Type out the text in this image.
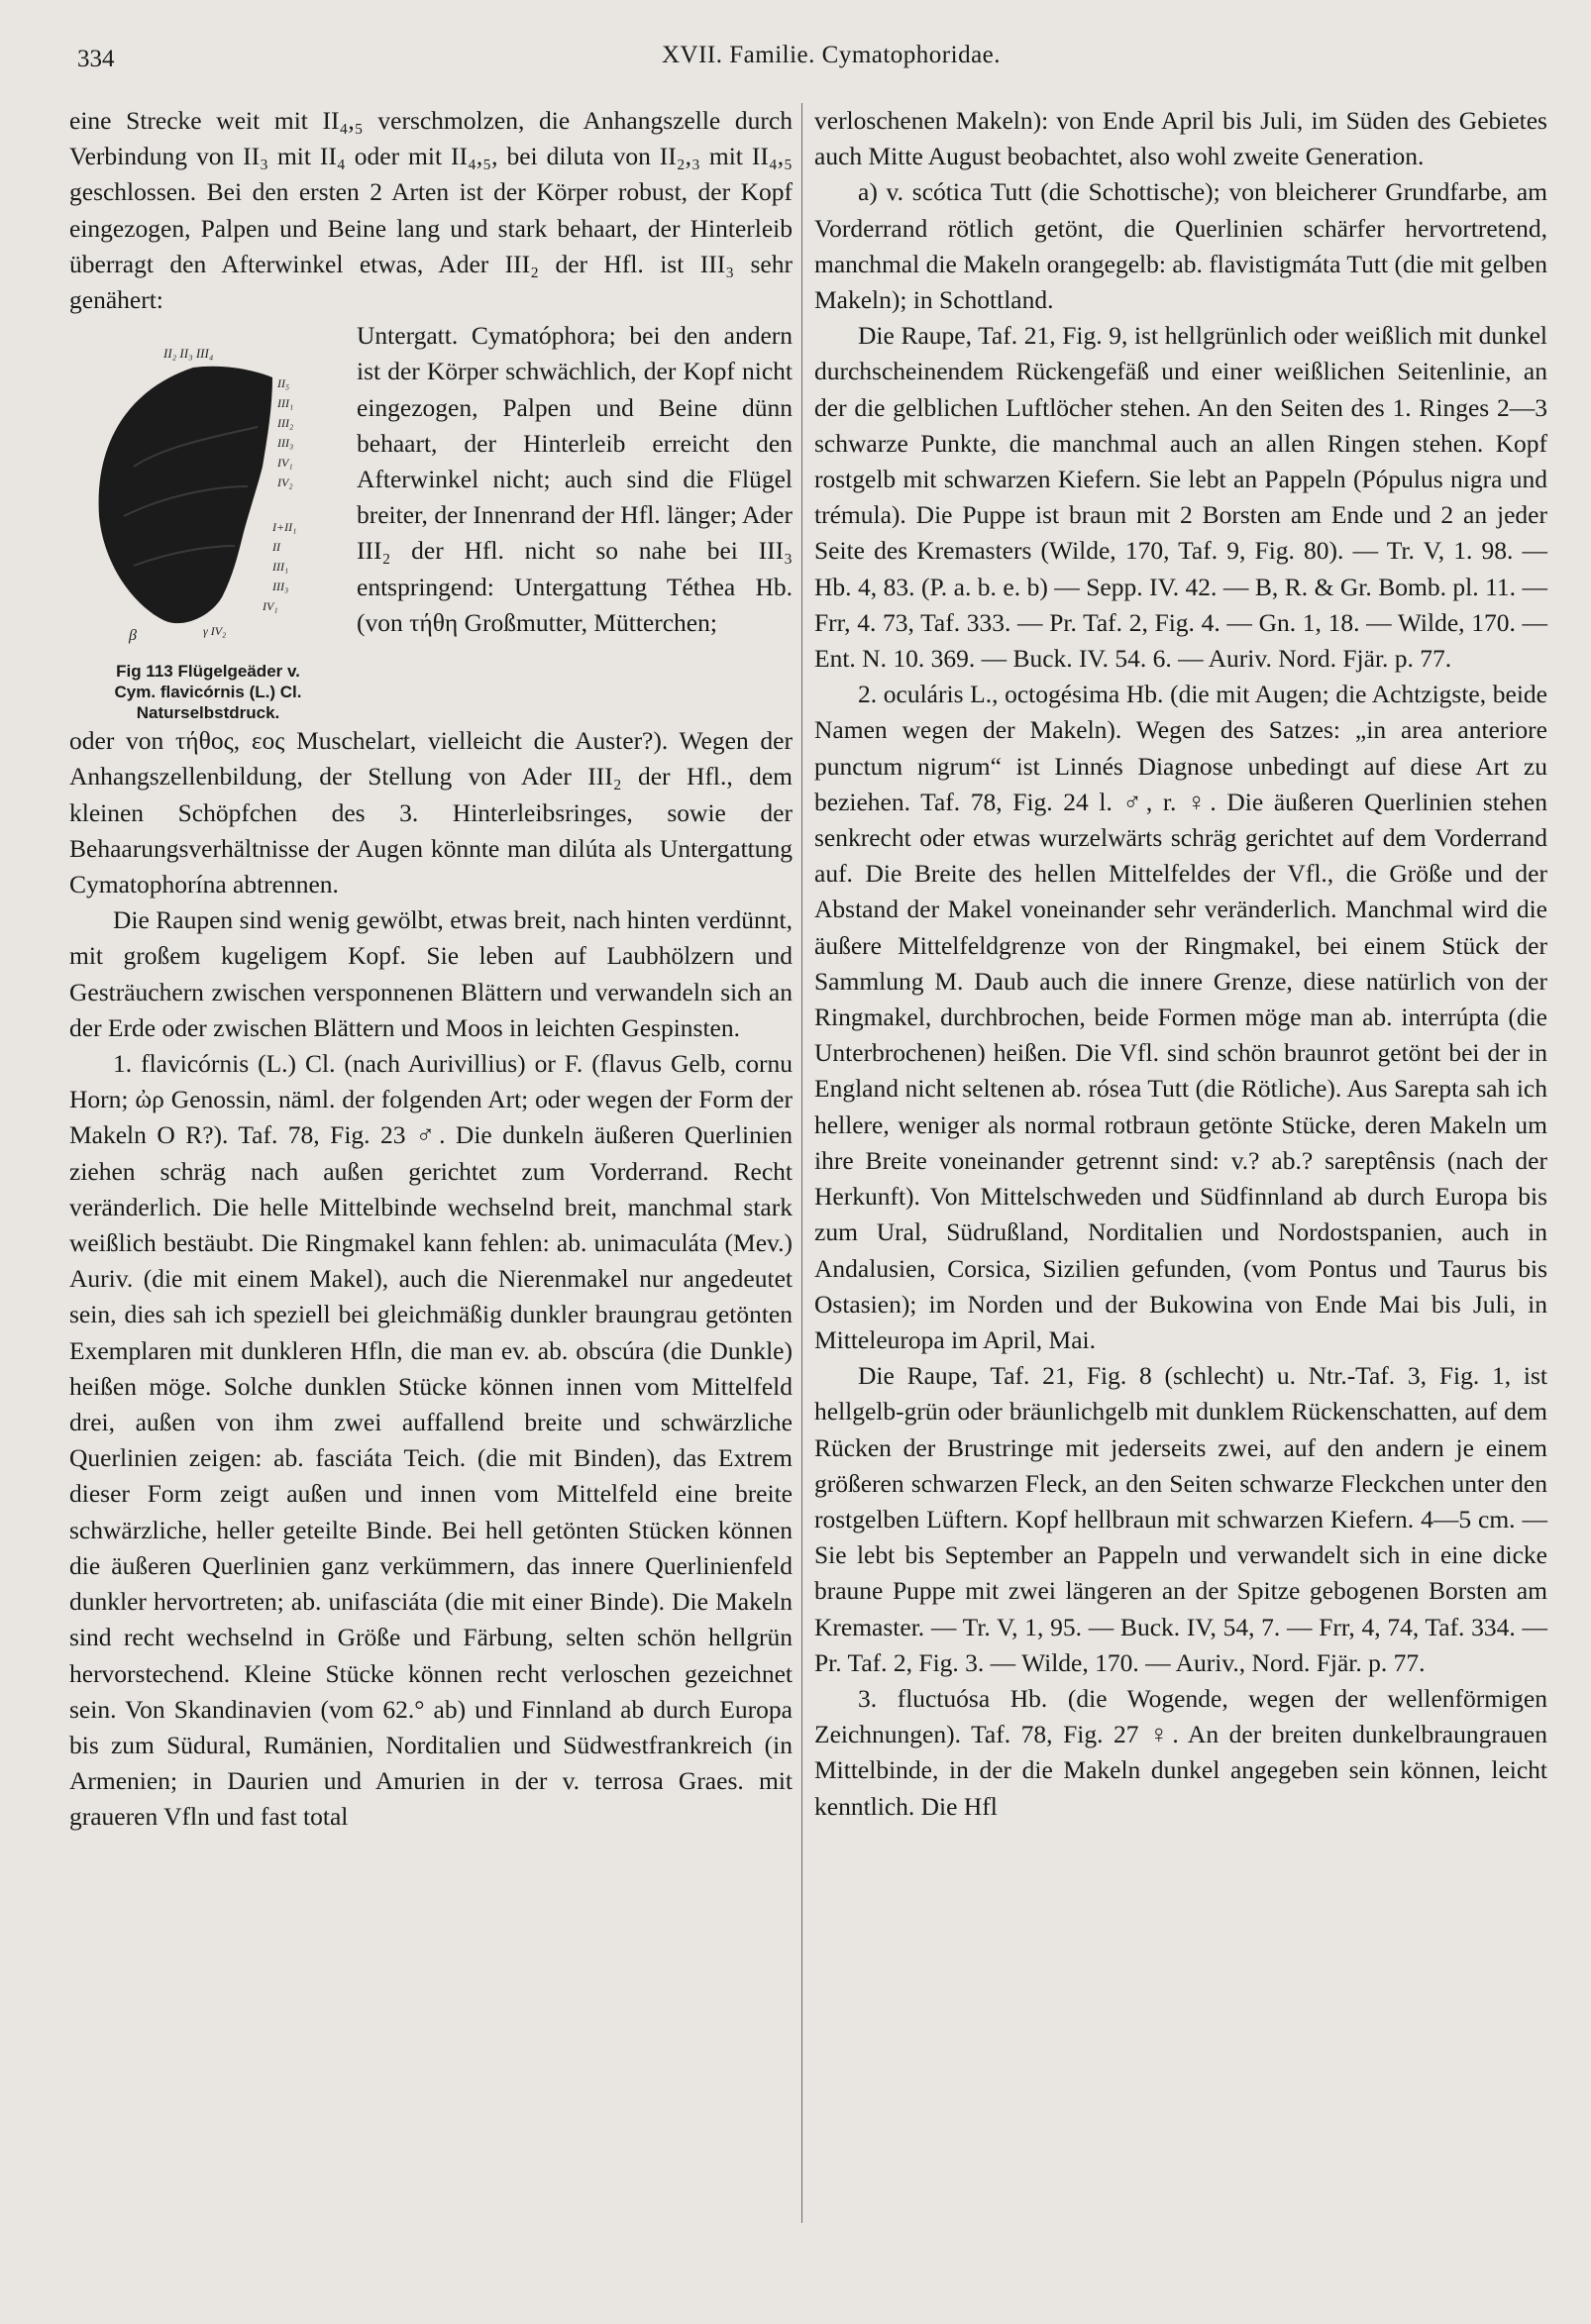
334	XVII. Familie. Cymatophoridae.

eine Strecke weit mit II₄,₅ verschmolzen, die Anhangszelle durch Verbindung von II₃ mit II₄ oder mit II₄,₅, bei diluta von II₂,₃ mit II₄,₅ geschlossen. Bei den ersten 2 Arten ist der Körper robust, der Kopf eingezogen, Palpen und Beine lang und stark behaart, der Hinterleib überragt den Afterwinkel etwas, Ader III₂ der Hfl. ist III₃ sehr genähert:

II₂ II₃ III₄
II₅
III₁
III₂
III₃
IV₁
IV₂
I+II₁
II
III₁
III₃
IV₁
β	γ IV₂
Fig 113 Flügelgeäder v.
Cym. flavicórnis (L.) Cl.
Naturselbstdruck.

Untergatt. Cymatóphora; bei den andern ist der Körper schwächlich, der Kopf nicht eingezogen, Palpen und Beine dünn behaart, der Hinterleib erreicht den Afterwinkel nicht; auch sind die Flügel breiter, der Innenrand der Hfl. länger; Ader III₂ der Hfl. nicht so nahe bei III₃ entspringend: Untergattung Téthea Hb. (von τήθη Großmutter, Mütterchen;

oder von τήθος, εος Muschelart, vielleicht die Auster?). Wegen der Anhangszellenbildung, der Stellung von Ader III₂ der Hfl., dem kleinen Schöpfchen des 3. Hinterleibsringes, sowie der Behaarungsverhältnisse der Augen könnte man dilúta als Untergattung Cymatophorína abtrennen.

Die Raupen sind wenig gewölbt, etwas breit, nach hinten verdünnt, mit großem kugeligem Kopf. Sie leben auf Laubhölzern und Gesträuchern zwischen versponnenen Blättern und verwandeln sich an der Erde oder zwischen Blättern und Moos in leichten Gespinsten.

1. flavicórnis (L.) Cl. (nach Aurivillius) or F. (flavus Gelb, cornu Horn; ὠρ Genossin, näml. der folgenden Art; oder wegen der Form der Makeln O R?). Taf. 78, Fig. 23 ♂. Die dunkeln äußeren Querlinien ziehen schräg nach außen gerichtet zum Vorderrand. Recht veränderlich. Die helle Mittelbinde wechselnd breit, manchmal stark weißlich bestäubt. Die Ringmakel kann fehlen: ab. unimaculáta (Mev.) Auriv. (die mit einem Makel), auch die Nierenmakel nur angedeutet sein, dies sah ich speziell bei gleichmäßig dunkler braungrau getönten Exemplaren mit dunkleren Hfln, die man ev. ab. obscúra (die Dunkle) heißen möge. Solche dunklen Stücke können innen vom Mittelfeld drei, außen von ihm zwei auffallend breite und schwärzliche Querlinien zeigen: ab. fasciáta Teich. (die mit Binden), das Extrem dieser Form zeigt außen und innen vom Mittelfeld eine breite schwärzliche, heller geteilte Binde. Bei hell getönten Stücken können die äußeren Querlinien ganz verkümmern, das innere Querlinienfeld dunkler hervortreten; ab. unifasciáta (die mit einer Binde). Die Makeln sind recht wechselnd in Größe und Färbung, selten schön hellgrün hervorstechend. Kleine Stücke können recht verloschen gezeichnet sein. Von Skandinavien (vom 62.° ab) und Finnland ab durch Europa bis zum Südural, Rumänien, Norditalien und Südwestfrankreich (in Armenien; in Daurien und Amurien in der v. terrosa Graes. mit graueren Vfln und fast total

verloschenen Makeln): von Ende April bis Juli, im Süden des Gebietes auch Mitte August beobachtet, also wohl zweite Generation.

a) v. scótica Tutt (die Schottische); von bleicherer Grundfarbe, am Vorderrand rötlich getönt, die Querlinien schärfer hervortretend, manchmal die Makeln orangegelb: ab. flavistigmáta Tutt (die mit gelben Makeln); in Schottland.

Die Raupe, Taf. 21, Fig. 9, ist hellgrünlich oder weißlich mit dunkel durchscheinendem Rückengefäß und einer weißlichen Seitenlinie, an der die gelblichen Luftlöcher stehen. An den Seiten des 1. Ringes 2—3 schwarze Punkte, die manchmal auch an allen Ringen stehen. Kopf rostgelb mit schwarzen Kiefern. Sie lebt an Pappeln (Pópulus nigra und trémula). Die Puppe ist braun mit 2 Borsten am Ende und 2 an jeder Seite des Kremasters (Wilde, 170, Taf. 9, Fig. 80). — Tr. V, 1. 98. — Hb. 4, 83. (P. a. b. e. b) — Sepp. IV. 42. — B, R. & Gr. Bomb. pl. 11. — Frr, 4. 73, Taf. 333. — Pr. Taf. 2, Fig. 4. — Gn. 1, 18. — Wilde, 170. — Ent. N. 10. 369. — Buck. IV. 54. 6. — Auriv. Nord. Fjär. p. 77.

2. oculáris L., octogésima Hb. (die mit Augen; die Achtzigste, beide Namen wegen der Makeln). Wegen des Satzes: „in area anteriore punctum nigrum“ ist Linnés Diagnose unbedingt auf diese Art zu beziehen. Taf. 78, Fig. 24 l. ♂, r. ♀. Die äußeren Querlinien stehen senkrecht oder etwas wurzelwärts schräg gerichtet auf dem Vorderrand auf. Die Breite des hellen Mittelfeldes der Vfl., die Größe und der Abstand der Makel voneinander sehr veränderlich. Manchmal wird die äußere Mittelfeldgrenze von der Ringmakel, bei einem Stück der Sammlung M. Daub auch die innere Grenze, diese natürlich von der Ringmakel, durchbrochen, beide Formen möge man ab. interrúpta (die Unterbrochenen) heißen. Die Vfl. sind schön braunrot getönt bei der in England nicht seltenen ab. rósea Tutt (die Rötliche). Aus Sarepta sah ich hellere, weniger als normal rotbraun getönte Stücke, deren Makeln um ihre Breite voneinander getrennt sind: v.? ab.? sareptênsis (nach der Herkunft). Von Mittelschweden und Südfinnland ab durch Europa bis zum Ural, Südrußland, Norditalien und Nordostspanien, auch in Andalusien, Corsica, Sizilien gefunden, (vom Pontus und Taurus bis Ostasien); im Norden und der Bukowina von Ende Mai bis Juli, in Mitteleuropa im April, Mai.

Die Raupe, Taf. 21, Fig. 8 (schlecht) u. Ntr.-Taf. 3, Fig. 1, ist hellgelb-grün oder bräunlichgelb mit dunklem Rückenschatten, auf dem Rücken der Brustringe mit jederseits zwei, auf den andern je einem größeren schwarzen Fleck, an den Seiten schwarze Fleckchen unter den rostgelben Lüftern. Kopf hellbraun mit schwarzen Kiefern. 4—5 cm. — Sie lebt bis September an Pappeln und verwandelt sich in eine dicke braune Puppe mit zwei längeren an der Spitze gebogenen Borsten am Kremaster. — Tr. V, 1, 95. — Buck. IV, 54, 7. — Frr, 4, 74, Taf. 334. — Pr. Taf. 2, Fig. 3. — Wilde, 170. — Auriv., Nord. Fjär. p. 77.

3. fluctuósa Hb. (die Wogende, wegen der wellenförmigen Zeichnungen). Taf. 78, Fig. 27 ♀. An der breiten dunkelbraungrauen Mittelbinde, in der die Makeln dunkel angegeben sein können, leicht kenntlich. Die Hfl
